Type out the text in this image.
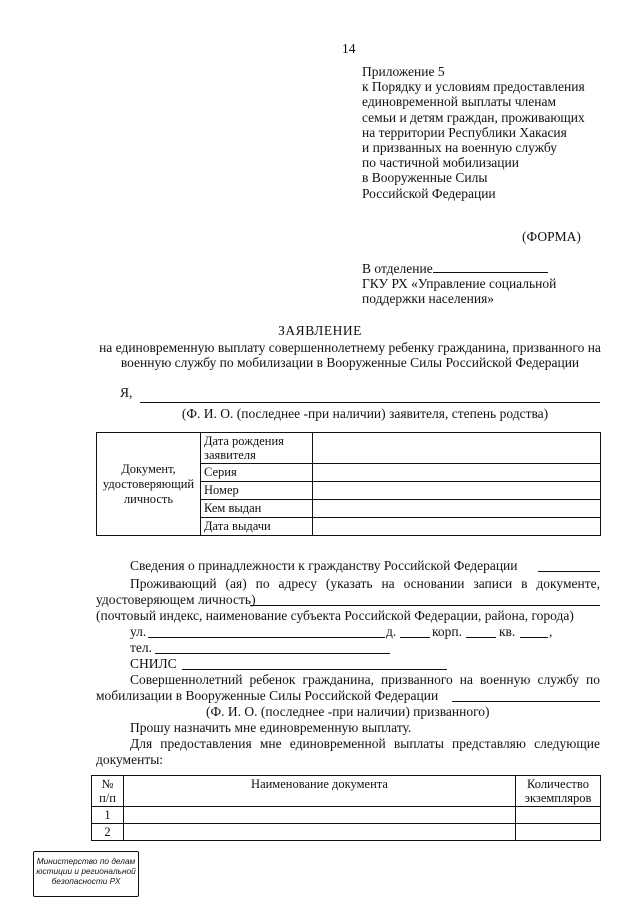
14
Приложение 5
к Порядку и условиям предоставления
единовременной выплаты членам
семьи и детям граждан, проживающих
на территории Республики Хакасия
и призванных на военную службу
по частичной мобилизации
в Вооруженные Силы
Российской Федерации
(ФОРМА)
В отделение
ГКУ РХ «Управление социальной
поддержки населения»
ЗАЯВЛЕНИЕ
на единовременную выплату совершеннолетнему ребенку гражданина, призванного на военную службу по мобилизации в Вооруженные Силы Российской Федерации
Я,
(Ф. И. О. (последнее -при наличии) заявителя, степень родства)
Документ, удостоверяющий личность	Дата рождения заявителя	
	Серия	
	Номер	
	Кем выдан	
	Дата выдачи	
Сведения о принадлежности к гражданству Российской Федерации
Проживающий (ая) по адресу (указать на основании записи в документе,
удостоверяющем личность)
(почтовый индекс, наименование субъекта Российской Федерации, района, города)
ул.	д.	корп.	кв. ,
тел.
СНИЛС
Совершеннолетний ребенок гражданина, призванного на военную службу по
мобилизации в Вооруженные Силы Российской Федерации
(Ф. И. О. (последнее -при наличии) призванного)
Прошу назначить мне единовременную выплату.
Для предоставления мне единовременной выплаты представляю следующие
документы:
№ п/п	Наименование документа	Количество экземпляров
1		
2		
Министерство по делам
юстиции и региональной
безопасности РХ
